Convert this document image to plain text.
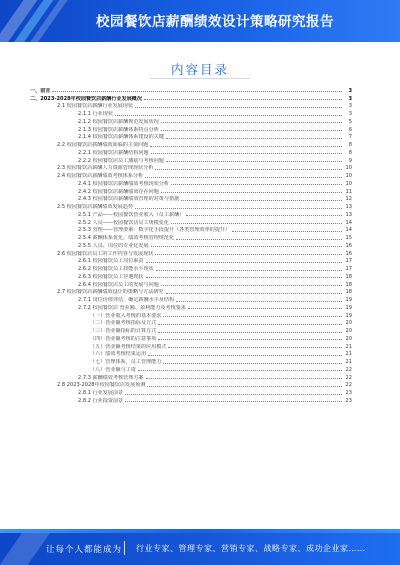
校园餐饮店薪酬绩效设计策略研究报告
内容目录
一、前言	3
二、2023-2028年校园餐饮店薪酬行业发展概况	3
2.1 校园餐饮店薪酬行业发展现状	3
2.1.1 行业现状	3
2.1.2 校园餐饮店薪酬规范发展状况	5
2.1.3 校园餐饮店薪酬体系特点分析	6
2.1.4 校园餐饮店薪酬体系建设的关键	7
2.2 校园餐饮店薪酬绩效面临的主要问题	8
2.2.1 校园餐饮店薪酬结构问题	8
2.2.2 校园餐饮店员工激励与考核问题	9
2.3 校园餐饮店薪酬人力资源管理现状分析	10
2.4 校园餐饮店薪酬绩效考核体系分析	10
2.4.1 校园餐饮店薪酬绩效考核现状分析	10
2.4.2 校园餐饮店薪酬绩效存在问题	11
2.4.3 校园餐饮店薪酬绩效管理的对策与措施	12
2.5 校园餐饮店薪酬绩效发展趋势	13
2.5.1 产品——校园餐饮营业收入（员工薪酬）	13
2.5.2 人员——校园餐饮店员工规模变化	14
2.5.3 管理——管理要素：数字化手段提升（各类管理效率的提升）	14
2.5.4 薪酬体系优化、绩效考核管理规范化	15
2.5.5 人员、岗位的专业化发展	16
2.6 校园餐饮店员工的工作内容与发展现状	16
2.6.1 校园餐饮员工岗位职责	17
2.6.2 校园餐饮员工技能水平现状	17
2.6.3 校园餐饮员工待遇现状	18
2.6.4 校园餐饮店员工的发展与问题	18
2.7 校园餐饮店薪酬绩效设计的策略与方法研究	18
2.7.1 岗位价值评估，确定薪酬水平及结构	19
2.7.2 校园餐饮店 营业额、盈利能力及考核要求	19
（一）营业收入考核的基本要求	19
（二）营业额考核指标及方式	20
（三）营业额指标的计算方式	20
（四）营业额考核的注意事项	20
（五）营业额考核结果的应用模式	21
（六）绩效考核结果运用	21
（七）管理体系，员工管理能力	21
（八）营业额与工资	22
2.7.3 薪酬绩效考核管理方案	22
2.8 2023-2028年校园餐饮店发展预测	22
2.8.1 行业发展前景	23
2.8.2 行业投资前景	23
让每个人都能成为 行业专家、管理专家、营销专家、战略专家、成功企业家……
